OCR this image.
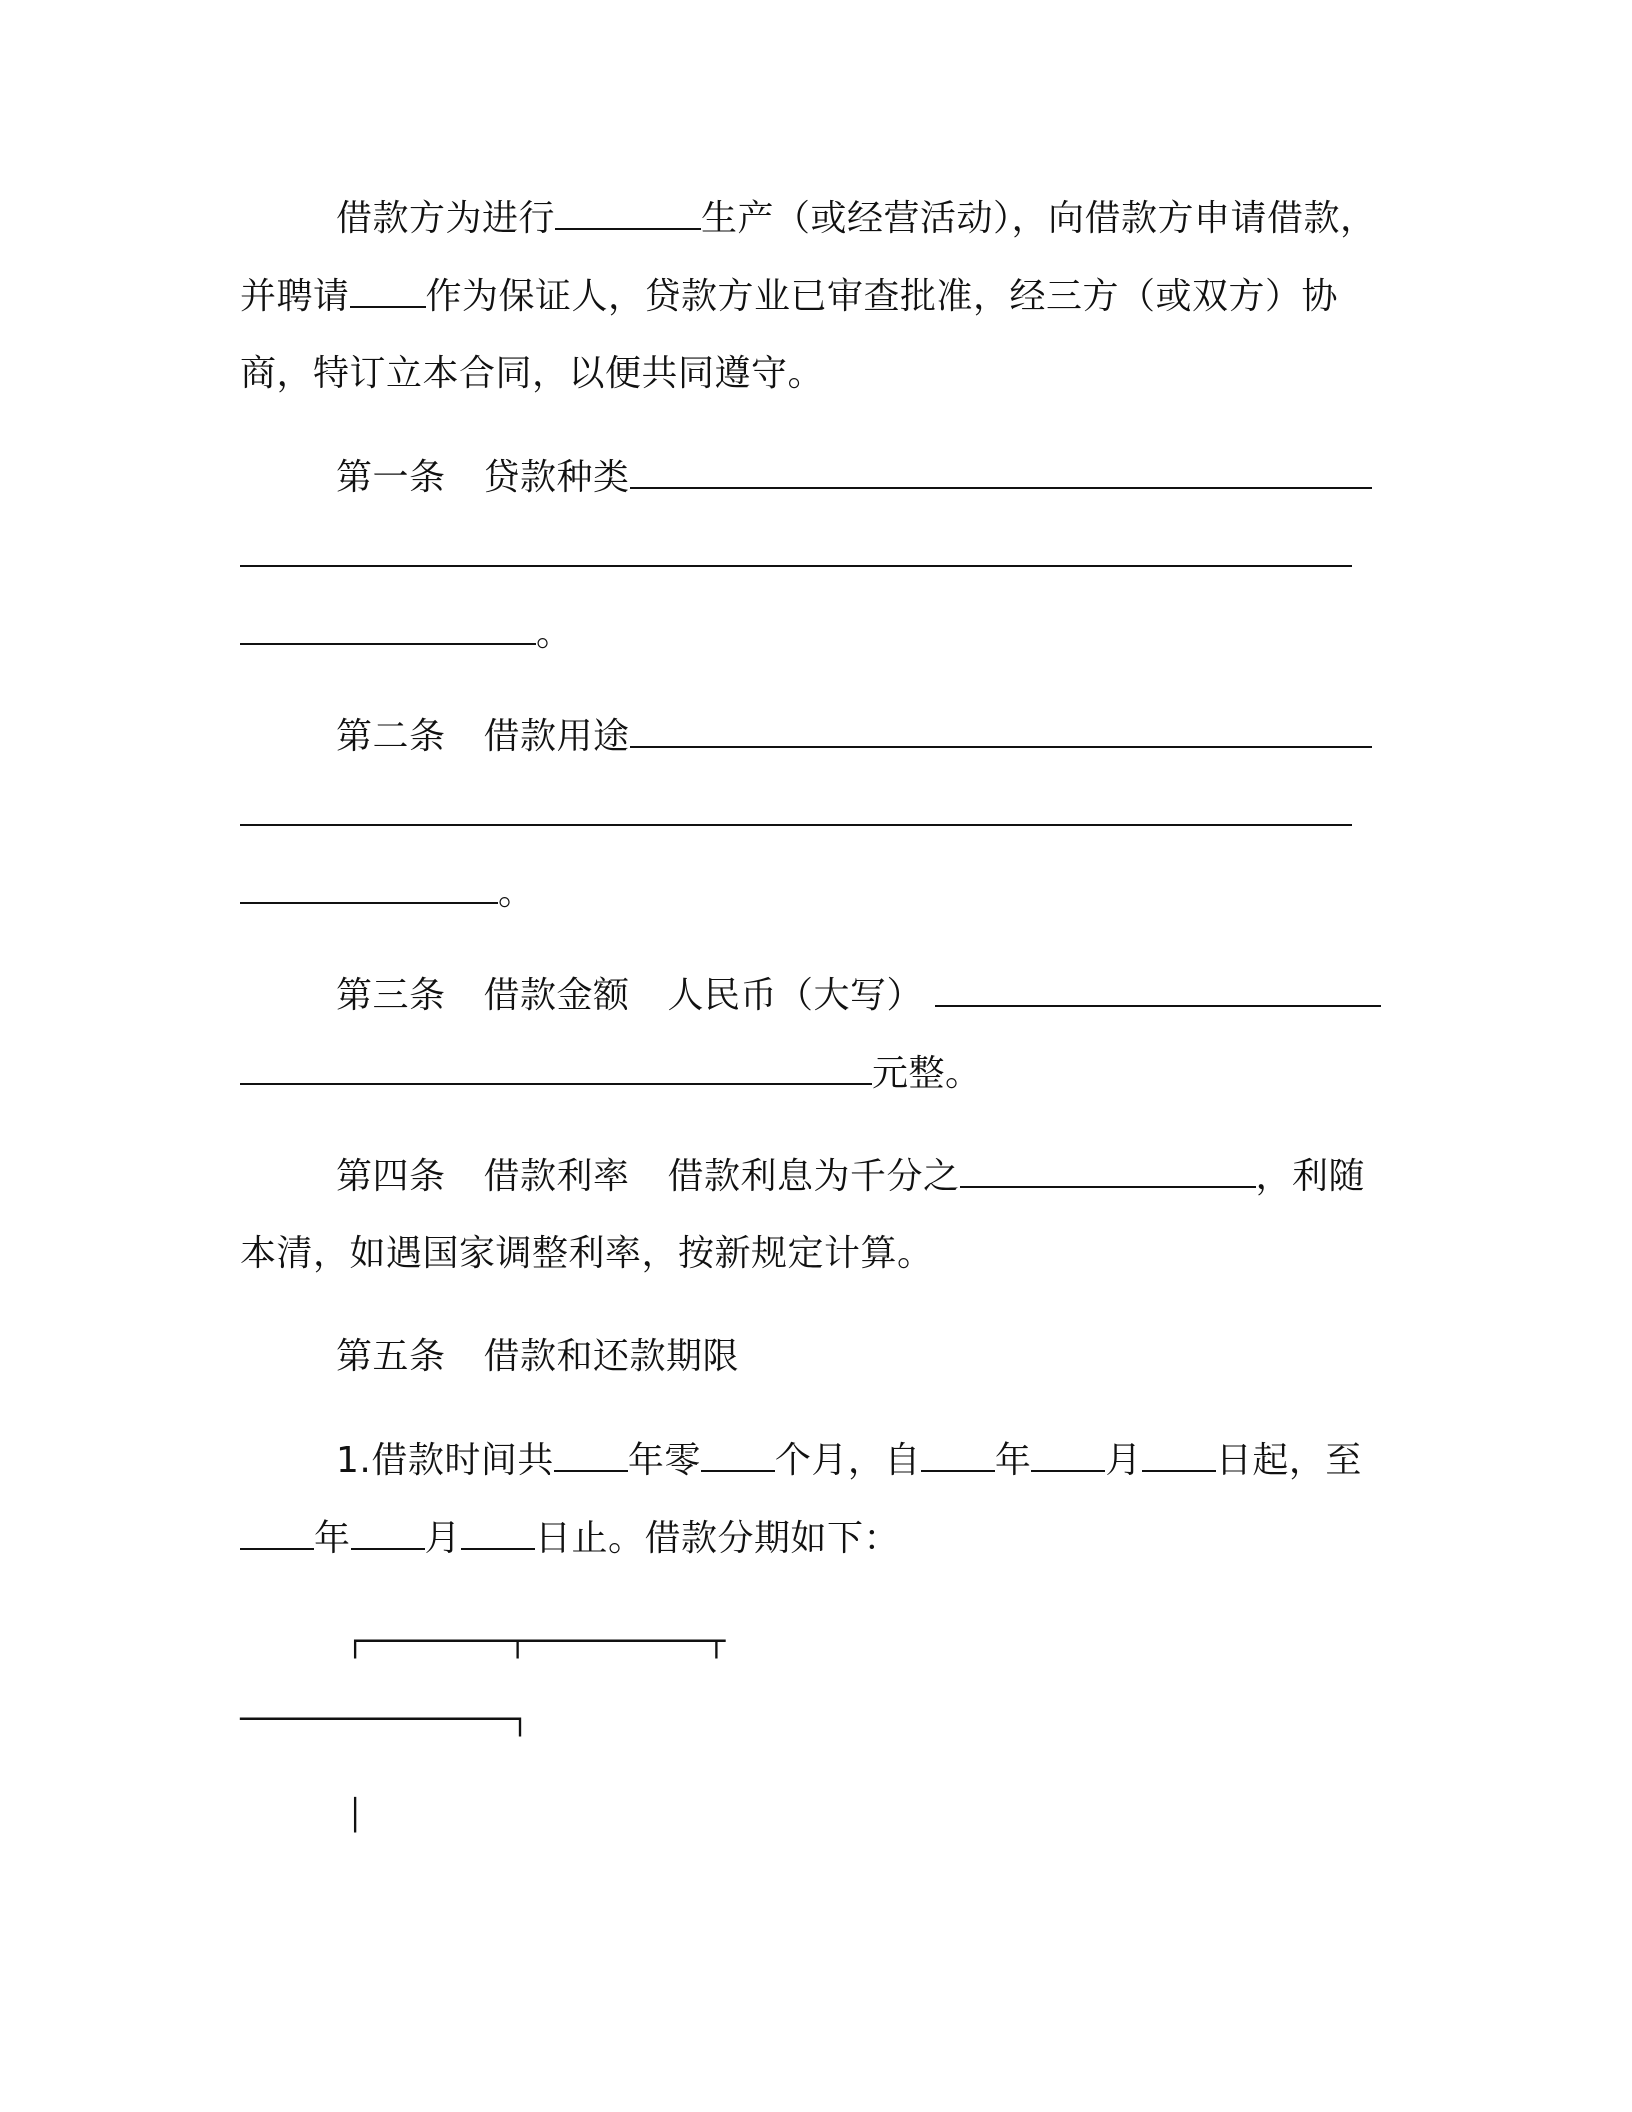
借款方为进行	生产（或经营活动），向借款方申请借款，
并聘请 作为保证人，贷款方业已审查批准，经三方（或双方）协
商，特订立本合同，以便共同遵守。
第一条 贷款种类
。
第二条 借款用途
。
第三条 借款金额 人民币（大写）
元整。
第四条 借款利率 借款利息为千分之	，利随
本清，如遇国家调整利率，按新规定计算。
第五条 借款和还款期限
1.借款时间共 年零 个月，自 年 月 日起，至
年 月 日止。借款分期如下：
┌────────┬──────────┬
───────────────┐
│
